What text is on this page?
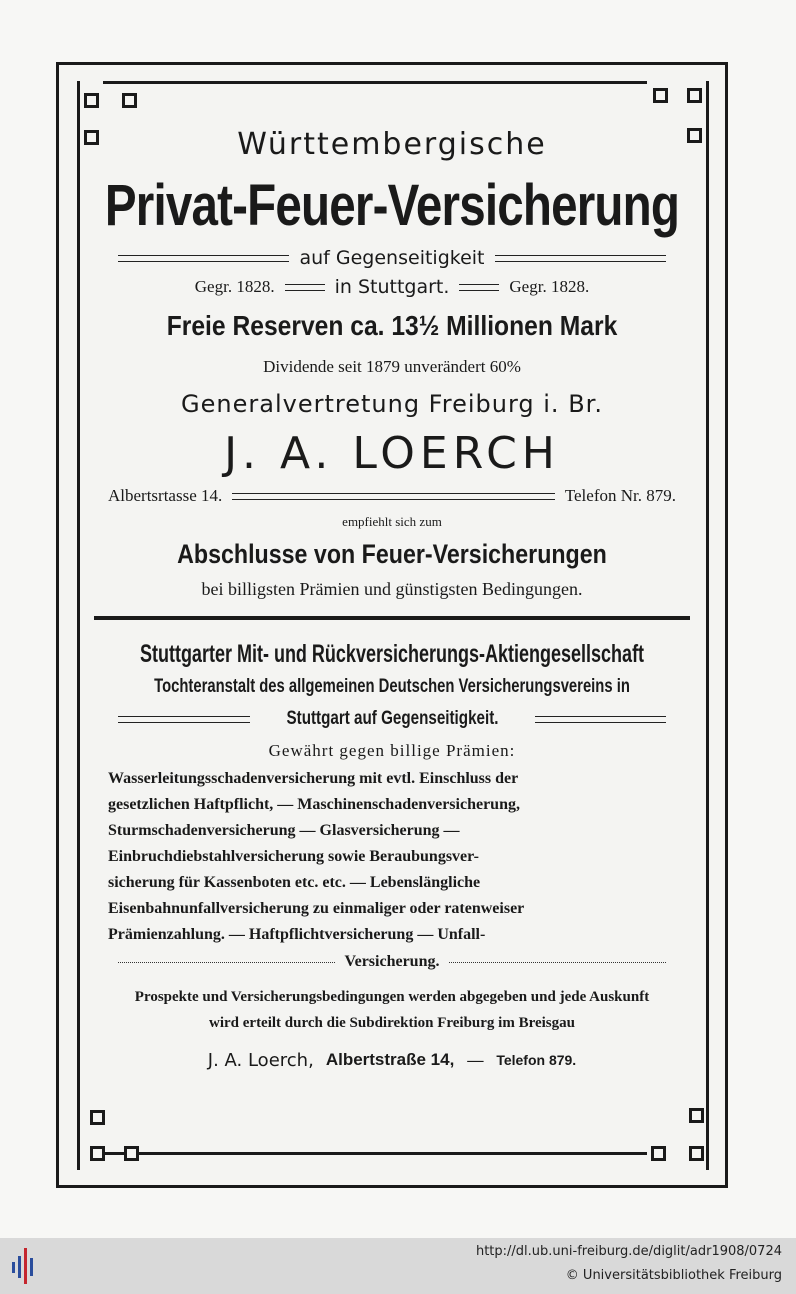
Württembergische
Privat-Feuer-Versicherung
auf Gegenseitigkeit
Gegr. 1828.	in Stuttgart.	Gegr. 1828.
Freie Reserven ca. 13½ Millionen Mark
Dividende seit 1879 unverändert 60%
Generalvertretung Freiburg i. Br.
J. A. LOERCH
Albertsrtasse 14.	Telefon Nr. 879.
empfiehlt sich zum
Abschlusse von Feuer-Versicherungen
bei billigsten Prämien und günstigsten Bedingungen.
Stuttgarter Mit- und Rückversicherungs-Aktiengesellschaft
Tochteranstalt des allgemeinen Deutschen Versicherungsvereins in
Stuttgart auf Gegenseitigkeit.
Gewährt gegen billige Prämien:

Wasserleitungsschadenversicherung mit evtl. Einschluss der

gesetzlichen Haftpflicht, — Maschinenschadenversicherung,

Sturmschadenversicherung — Glasversicherung —

Einbruchdiebstahlversicherung sowie Beraubungsver-

sicherung für Kassenboten etc. etc. — Lebenslängliche

Eisenbahnunfallversicherung zu einmaliger oder ratenweiser

Prämienzahlung. — Haftpflichtversicherung — Unfall-

Versicherung.
Prospekte und Versicherungsbedingungen werden abgegeben und jede Auskunft
wird erteilt durch die Subdirektion Freiburg im Breisgau
J. A. Loerch, Albertstraße 14, — Telefon 879.
http://dl.ub.uni-freiburg.de/diglit/adr1908/0724
© Universitätsbibliothek Freiburg
